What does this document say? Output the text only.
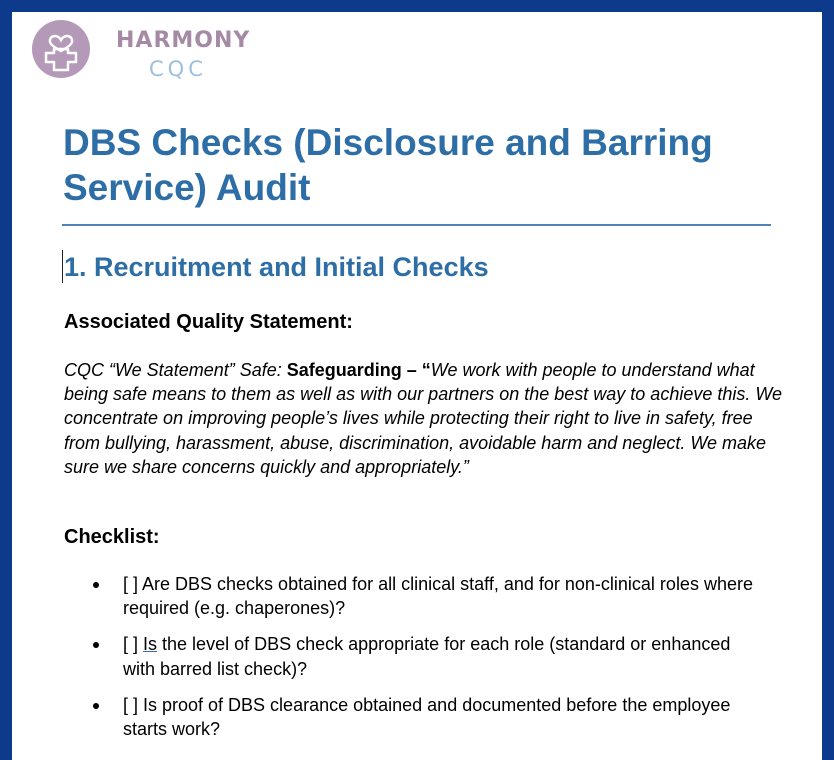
HARMONY
CQC
DBS Checks (Disclosure and Barring Service) Audit
1. Recruitment and Initial Checks
Associated Quality Statement:

CQC “We Statement” Safe: Safeguarding – “We work with people to understand what being safe means to them as well as with our partners on the best way to achieve this. We concentrate on improving people’s lives while protecting their right to live in safety, free from bullying, harassment, abuse, discrimination, avoidable harm and neglect. We make sure we share concerns quickly and appropriately.”

Checklist:
[ ] Are DBS checks obtained for all clinical staff, and for non-clinical roles where required (e.g. chaperones)?
[ ] Is the level of DBS check appropriate for each role (standard or enhanced with barred list check)?
[ ] Is proof of DBS clearance obtained and documented before the employee starts work?
